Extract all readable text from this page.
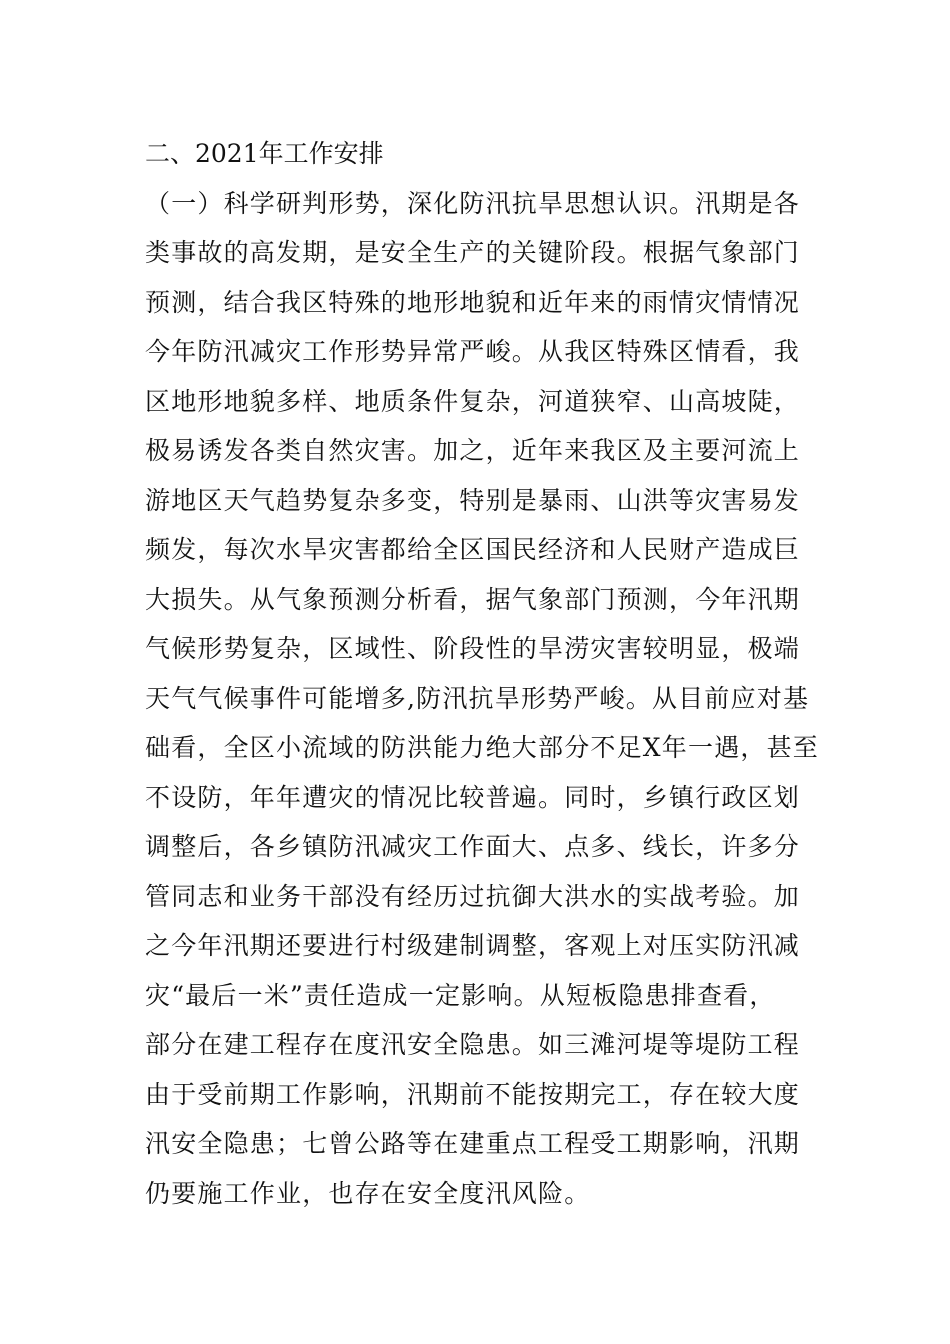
二、2021年工作安排
（一）科学研判形势，深化防汛抗旱思想认识。汛期是各
类事故的高发期，是安全生产的关键阶段。根据气象部门
预测，结合我区特殊的地形地貌和近年来的雨情灾情情况
今年防汛减灾工作形势异常严峻。从我区特殊区情看，我
区地形地貌多样、地质条件复杂，河道狭窄、山高坡陡，
极易诱发各类自然灾害。加之，近年来我区及主要河流上
游地区天气趋势复杂多变，特别是暴雨、山洪等灾害易发
频发，每次水旱灾害都给全区国民经济和人民财产造成巨
大损失。从气象预测分析看，据气象部门预测，今年汛期
气候形势复杂，区域性、阶段性的旱涝灾害较明显，极端
天气气候事件可能增多,防汛抗旱形势严峻。从目前应对基
础看，全区小流域的防洪能力绝大部分不足X年一遇，甚至
不设防，年年遭灾的情况比较普遍。同时，乡镇行政区划
调整后，各乡镇防汛减灾工作面大、点多、线长，许多分
管同志和业务干部没有经历过抗御大洪水的实战考验。加
之今年汛期还要进行村级建制调整，客观上对压实防汛减
灾“最后一米”责任造成一定影响。从短板隐患排查看，
部分在建工程存在度汛安全隐患。如三滩河堤等堤防工程
由于受前期工作影响，汛期前不能按期完工，存在较大度
汛安全隐患；七曾公路等在建重点工程受工期影响，汛期
仍要施工作业，也存在安全度汛风险。
